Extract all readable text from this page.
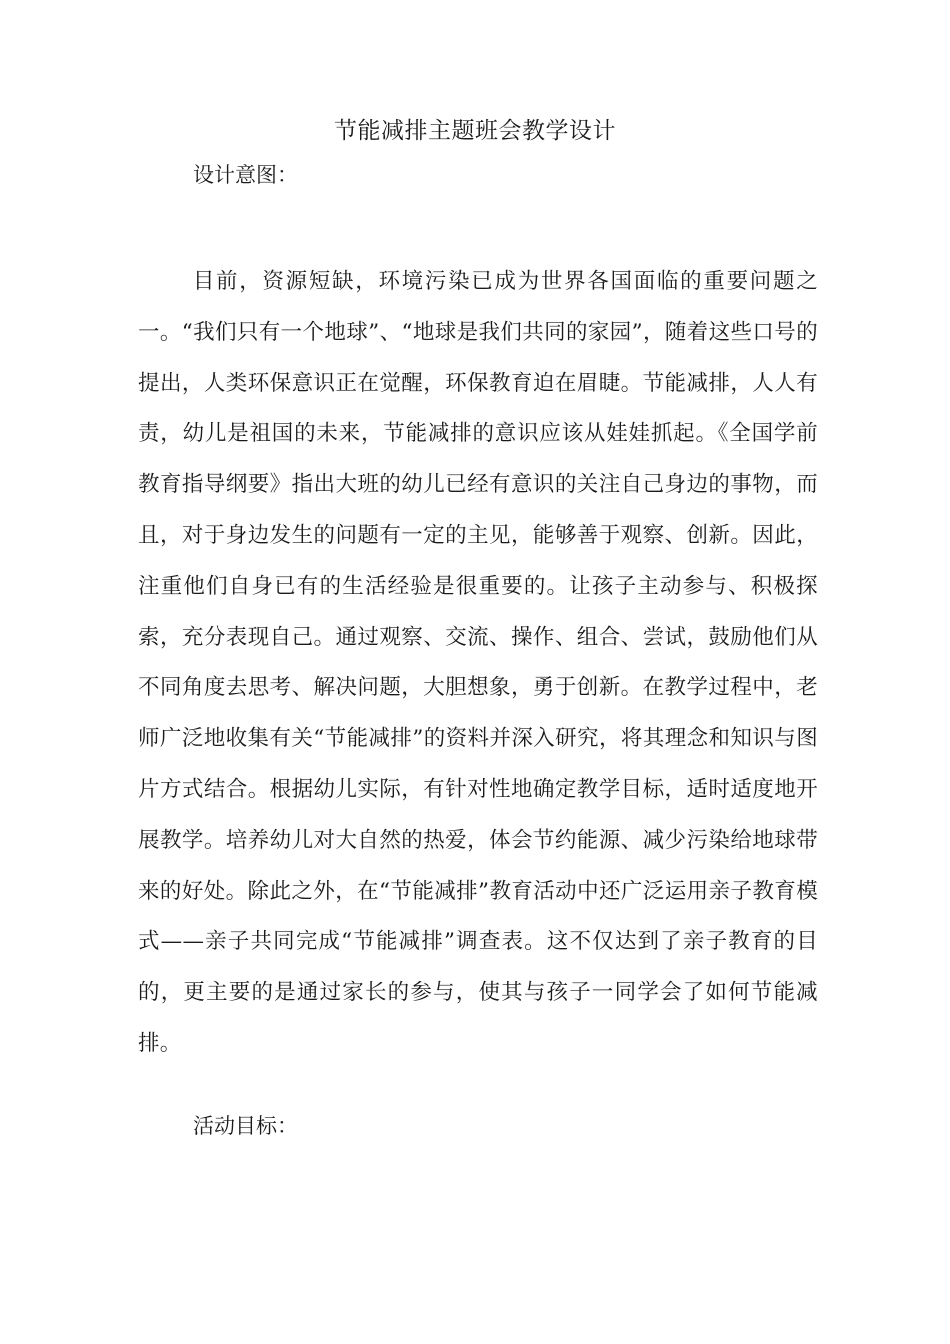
节能减排主题班会教学设计
设计意图：

目前，资源短缺，环境污染已成为世界各国面临的重要问题之一。“我们只有一个地球”、“地球是我们共同的家园”，随着这些口号的提出，人类环保意识正在觉醒，环保教育迫在眉睫。节能减排，人人有责，幼儿是祖国的未来，节能减排的意识应该从娃娃抓起。《全国学前教育指导纲要》指出大班的幼儿已经有意识的关注自己身边的事物，而且，对于身边发生的问题有一定的主见，能够善于观察、创新。因此，注重他们自身已有的生活经验是很重要的。让孩子主动参与、积极探索，充分表现自己。通过观察、交流、操作、组合、尝试，鼓励他们从不同角度去思考、解决问题，大胆想象，勇于创新。在教学过程中，老师广泛地收集有关“节能减排”的资料并深入研究，将其理念和知识与图片方式结合。根据幼儿实际，有针对性地确定教学目标，适时适度地开展教学。培养幼儿对大自然的热爱，体会节约能源、减少污染给地球带来的好处。除此之外，在“节能减排”教育活动中还广泛运用亲子教育模式——亲子共同完成“节能减排”调查表。这不仅达到了亲子教育的目的，更主要的是通过家长的参与，使其与孩子一同学会了如何节能减排。

活动目标：
